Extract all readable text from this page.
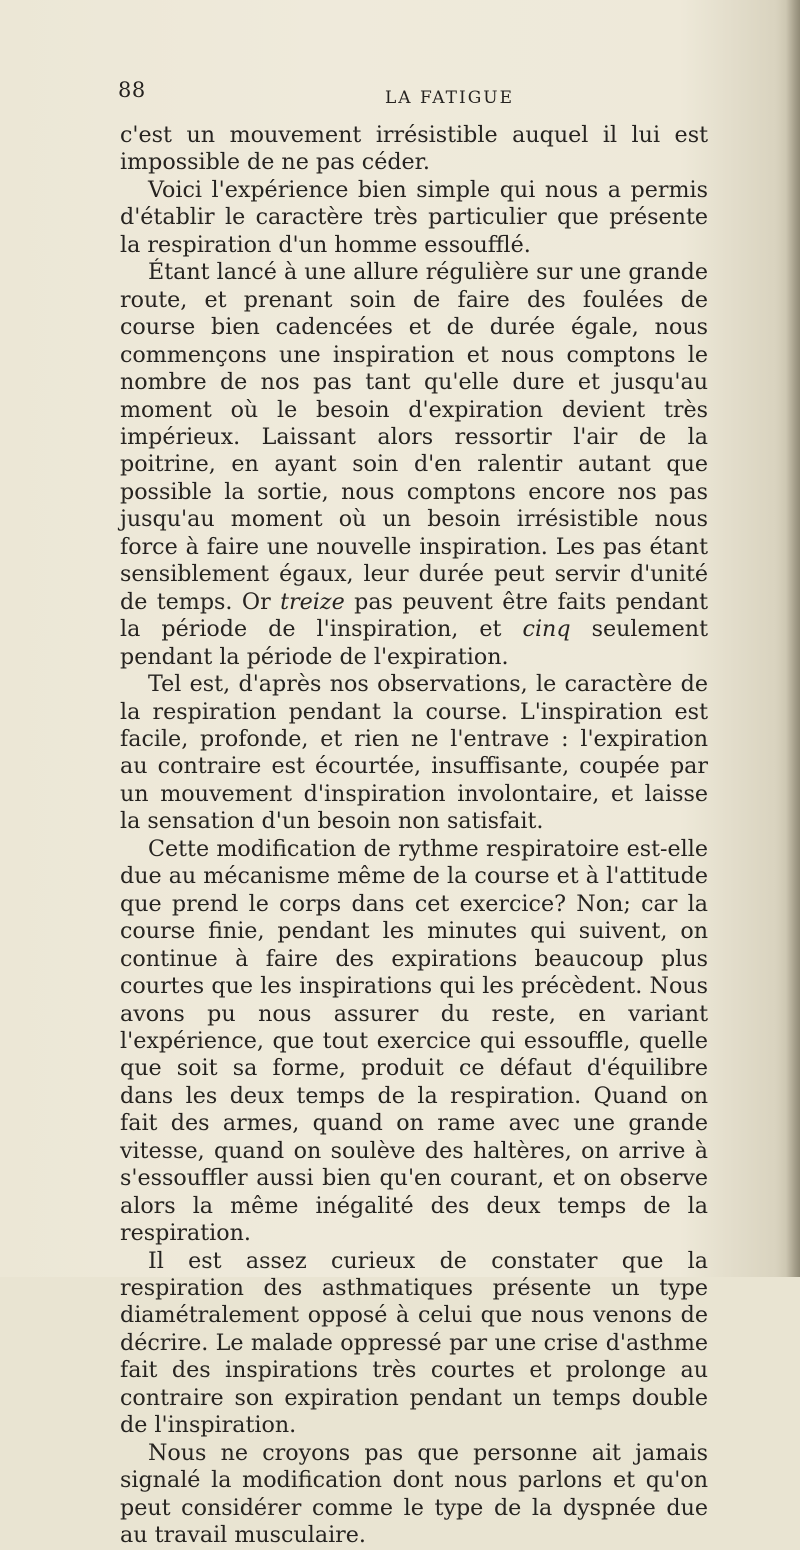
88	LA FATIGUE

c'est un mouvement irrésistible auquel il lui est impossible de ne pas céder.

Voici l'expérience bien simple qui nous a permis d'établir le caractère très particulier que présente la respiration d'un homme essoufflé.

Étant lancé à une allure régulière sur une grande route, et prenant soin de faire des foulées de course bien cadencées et de durée égale, nous commençons une inspiration et nous comptons le nombre de nos pas tant qu'elle dure et jusqu'au moment où le besoin d'expiration devient très impérieux. Laissant alors ressortir l'air de la poitrine, en ayant soin d'en ralentir autant que possible la sortie, nous comptons encore nos pas jusqu'au moment où un besoin irrésistible nous force à faire une nouvelle inspiration. Les pas étant sensiblement égaux, leur durée peut servir d'unité de temps. Or treize pas peuvent être faits pendant la période de l'inspiration, et cinq seulement pendant la période de l'expiration.

Tel est, d'après nos observations, le caractère de la respiration pendant la course. L'inspiration est facile, profonde, et rien ne l'entrave : l'expiration au contraire est écourtée, insuffisante, coupée par un mouvement d'inspiration involontaire, et laisse la sensation d'un besoin non satisfait.

Cette modification de rythme respiratoire est-elle due au mécanisme même de la course et à l'attitude que prend le corps dans cet exercice? Non; car la course finie, pendant les minutes qui suivent, on continue à faire des expirations beaucoup plus courtes que les inspirations qui les précèdent. Nous avons pu nous assurer du reste, en variant l'expérience, que tout exercice qui essouffle, quelle que soit sa forme, produit ce défaut d'équilibre dans les deux temps de la respiration. Quand on fait des armes, quand on rame avec une grande vitesse, quand on soulève des haltères, on arrive à s'essouffler aussi bien qu'en courant, et on observe alors la même inégalité des deux temps de la respiration.

Il est assez curieux de constater que la respiration des asthmatiques présente un type diamétralement opposé à celui que nous venons de décrire. Le malade oppressé par une crise d'asthme fait des inspirations très courtes et prolonge au contraire son expiration pendant un temps double de l'inspiration.

Nous ne croyons pas que personne ait jamais signalé la modification dont nous parlons et qu'on peut considérer comme le type de la dyspnée due au travail musculaire.
